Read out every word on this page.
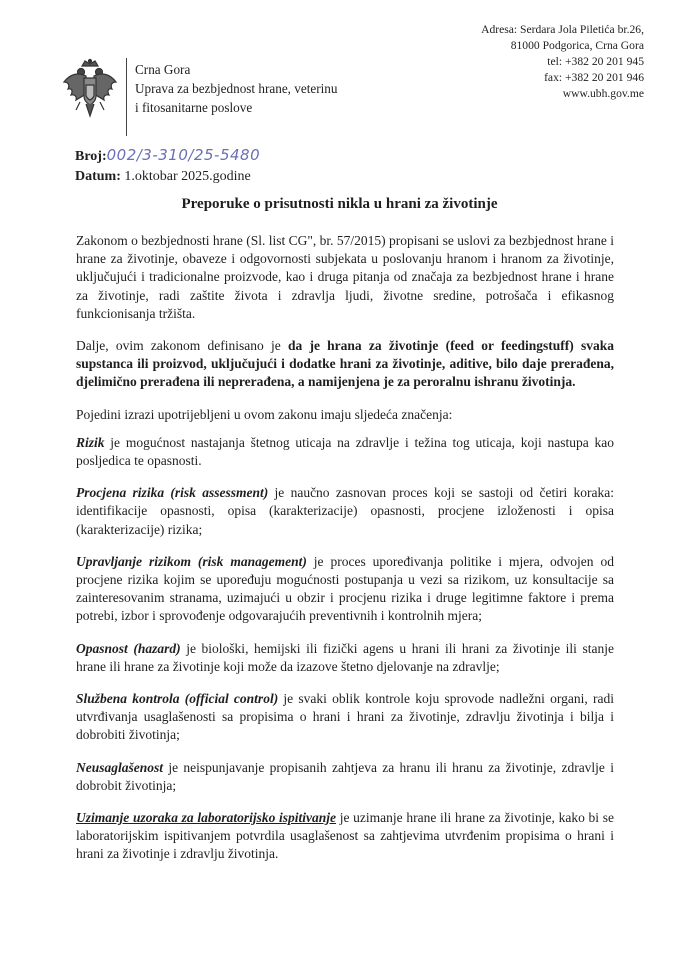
Crna Gora
Uprava za bezbjednost hrane, veterinu
i fitosanitarne poslove
Adresa: Serdara Jola Piletića br.26,
81000 Podgorica, Crna Gora
tel: +382 20 201 945
fax: +382 20 201 946
www.ubh.gov.me
Broj:002/3-310/25-5480
Datum: 1.oktobar 2025.godine
Preporuke o prisutnosti nikla u hrani za životinje

Zakonom o bezbjednosti hrane (Sl. list CG", br. 57/2015) propisani se uslovi za bezbjednost hrane i hrane za životinje, obaveze i odgovornosti subjekata u poslovanju hranom i hranom za životinje, uključujući i tradicionalne proizvode, kao i druga pitanja od značaja za bezbjednost hrane i hrane za životinje, radi zaštite života i zdravlja ljudi, životne sredine, potrošača i efikasnog funkcionisanja tržišta.

Dalje, ovim zakonom definisano je da je hrana za životinje (feed or feedingstuff) svaka supstanca ili proizvod, uključujući i dodatke hrani za životinje, aditive, bilo daje prerađena, djelimično prerađena ili neprerađena, a namijenjena je za peroralnu ishranu životinja.

Pojedini izrazi upotrijebljeni u ovom zakonu imaju sljedeća značenja:

Rizik je mogućnost nastajanja štetnog uticaja na zdravlje i težina tog uticaja, koji nastupa kao posljedica te opasnosti.

Procjena rizika (risk assessment) je naučno zasnovan proces koji se sastoji od četiri koraka: identifikacije opasnosti, opisa (karakterizacije) opasnosti, procjene izloženosti i opisa (karakterizacije) rizika;

Upravljanje rizikom (risk management) je proces upoređivanja politike i mjera, odvojen od procjene rizika kojim se upoređuju mogućnosti postupanja u vezi sa rizikom, uz konsultacije sa zainteresovanim stranama, uzimajući u obzir i procjenu rizika i druge legitimne faktore i prema potrebi, izbor i sprovođenje odgovarajućih preventivnih i kontrolnih mjera;

Opasnost (hazard) je biološki, hemijski ili fizički agens u hrani ili hrani za životinje ili stanje hrane ili hrane za životinje koji može da izazove štetno djelovanje na zdravlje;

Službena kontrola (official control) je svaki oblik kontrole koju sprovode nadležni organi, radi utvrđivanja usaglašenosti sa propisima o hrani i hrani za životinje, zdravlju životinja i bilja i dobrobiti životinja;

Neusaglašenost je neispunjavanje propisanih zahtjeva za hranu ili hranu za životinje, zdravlje i dobrobit životinja;

Uzimanje uzoraka za laboratorijsko ispitivanje je uzimanje hrane ili hrane za životinje, kako bi se laboratorijskim ispitivanjem potvrdila usaglašenost sa zahtjevima utvrđenim propisima o hrani i hrani za životinje i zdravlju životinja.
